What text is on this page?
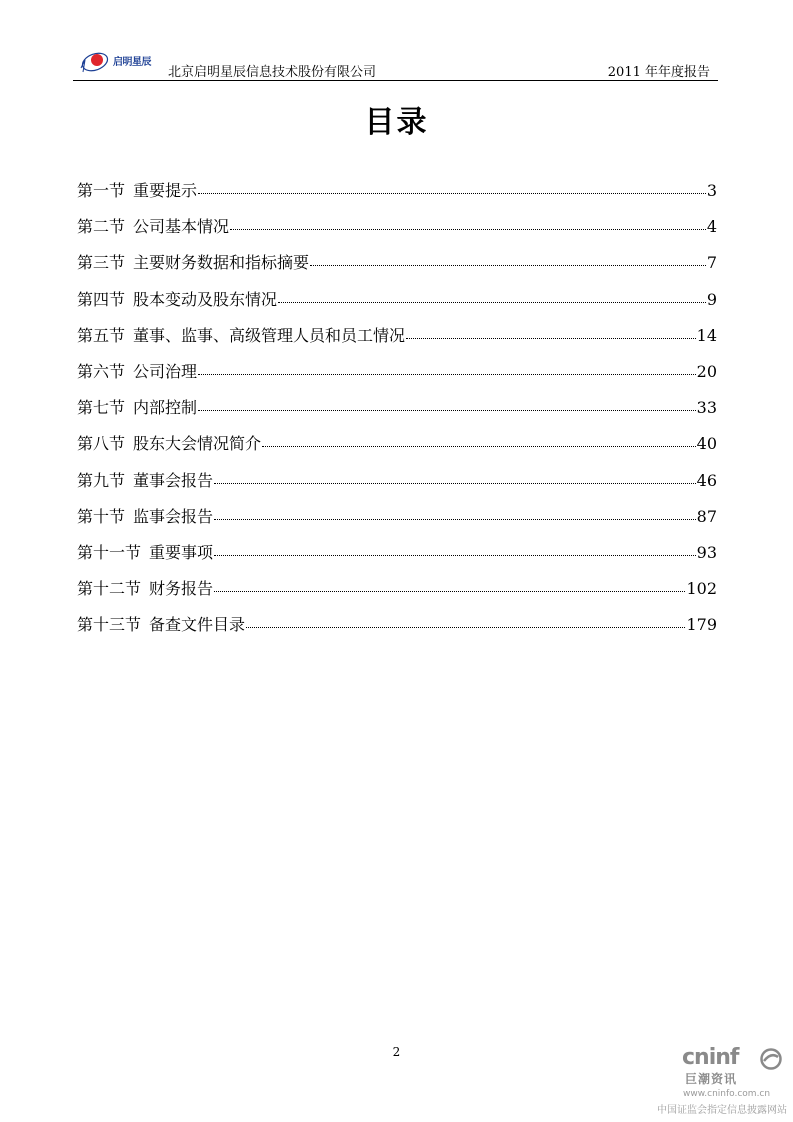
启明星辰
北京启明星辰信息技术股份有限公司	2011 年年度报告
目录
第一节 重要提示	3
第二节 公司基本情况	4
第三节 主要财务数据和指标摘要	7
第四节 股本变动及股东情况	9
第五节 董事、监事、高级管理人员和员工情况	14
第六节 公司治理	20
第七节 内部控制	33
第八节 股东大会情况简介	40
第九节 董事会报告	46
第十节 监事会报告	87
第十一节 重要事项	93
第十二节 财务报告	102
第十三节 备查文件目录	179
2	cninf
巨潮资讯
www.cninfo.com.cn
中国证监会指定信息披露网站
